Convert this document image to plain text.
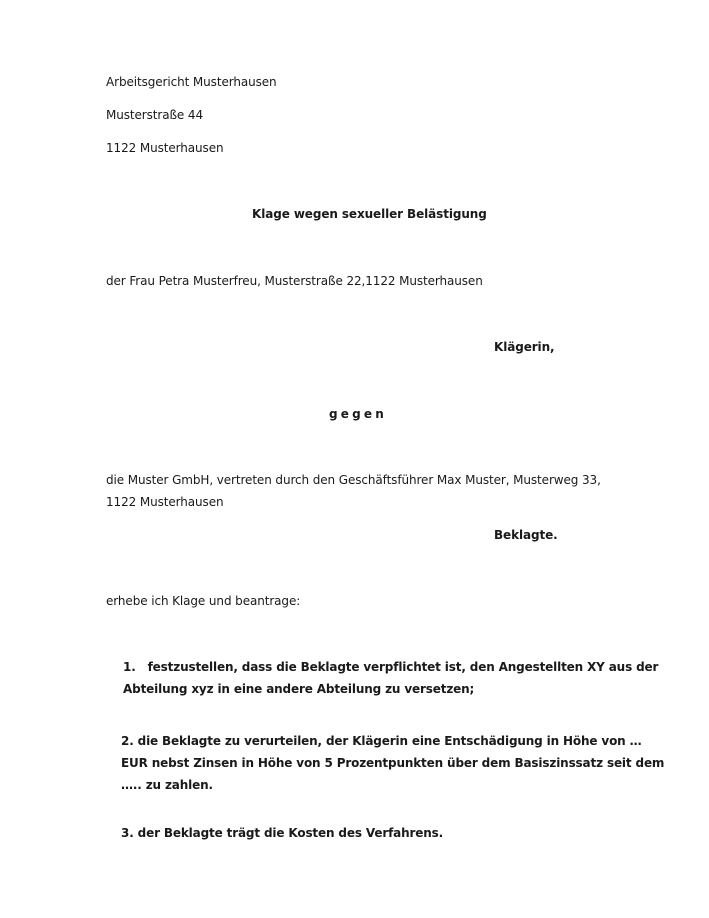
Arbeitsgericht Musterhausen
Musterstraße 44
1122 Musterhausen
Klage wegen sexueller Belästigung
der Frau Petra Musterfreu, Musterstraße 22,1122 Musterhausen
Klägerin,
gegen
die Muster GmbH, vertreten durch den Geschäftsführer Max Muster, Musterweg 33,
1122 Musterhausen
Beklagte.
erhebe ich Klage und beantrage:
1. festzustellen, dass die Beklagte verpflichtet ist, den Angestellten XY aus der
Abteilung xyz in eine andere Abteilung zu versetzen;
2. die Beklagte zu verurteilen, der Klägerin eine Entschädigung in Höhe von …
EUR nebst Zinsen in Höhe von 5 Prozentpunkten über dem Basiszinssatz seit dem
….. zu zahlen.
3. der Beklagte trägt die Kosten des Verfahrens.
